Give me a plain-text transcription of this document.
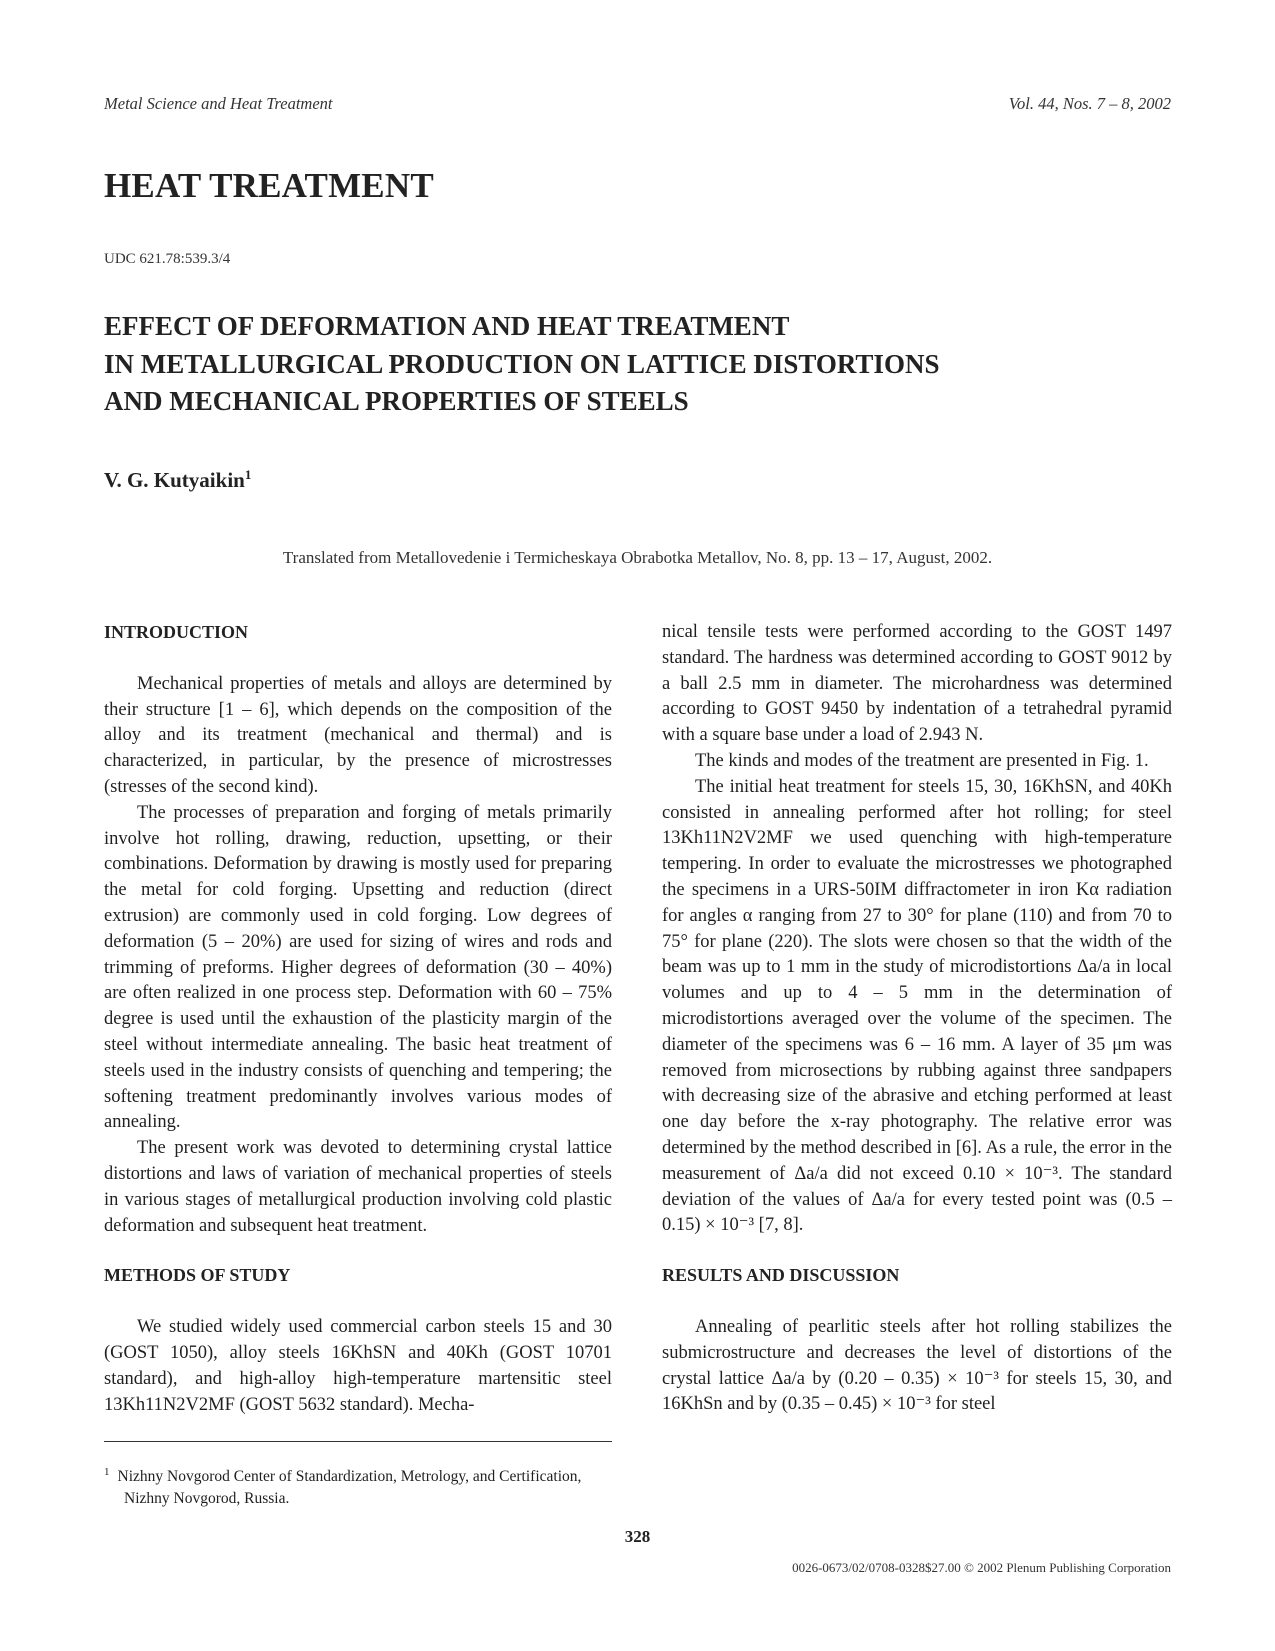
Metal Science and Heat Treatment	Vol. 44, Nos. 7 – 8, 2002
HEAT TREATMENT
UDC 621.78:539.3/4
EFFECT OF DEFORMATION AND HEAT TREATMENT
IN METALLURGICAL PRODUCTION ON LATTICE DISTORTIONS
AND MECHANICAL PROPERTIES OF STEELS
V. G. Kutyaikin$^1$
Translated from Metallovedenie i Termicheskaya Obrabotka Metallov, No. 8, pp. 13 – 17, August, 2002.
INTRODUCTION

Mechanical properties of metals and alloys are determined by their structure [1 – 6], which depends on the composition of the alloy and its treatment (mechanical and thermal) and is characterized, in particular, by the presence of microstresses (stresses of the second kind).

The processes of preparation and forging of metals primarily involve hot rolling, drawing, reduction, upsetting, or their combinations. Deformation by drawing is mostly used for preparing the metal for cold forging. Upsetting and reduction (direct extrusion) are commonly used in cold forging. Low degrees of deformation (5 – 20%) are used for sizing of wires and rods and trimming of preforms. Higher degrees of deformation (30 – 40%) are often realized in one process step. Deformation with 60 – 75% degree is used until the exhaustion of the plasticity margin of the steel without intermediate annealing. The basic heat treatment of steels used in the industry consists of quenching and tempering; the softening treatment predominantly involves various modes of annealing.

The present work was devoted to determining crystal lattice distortions and laws of variation of mechanical properties of steels in various stages of metallurgical production involving cold plastic deformation and subsequent heat treatment.

METHODS OF STUDY

We studied widely used commercial carbon steels 15 and 30 (GOST 1050), alloy steels 16KhSN and 40Kh (GOST 10701 standard), and high-alloy high-temperature martensitic steel 13Kh11N2V2MF (GOST 5632 standard). Mecha-

nical tensile tests were performed according to the GOST 1497 standard. The hardness was determined according to GOST 9012 by a ball 2.5 mm in diameter. The microhardness was determined according to GOST 9450 by indentation of a tetrahedral pyramid with a square base under a load of 2.943 N.

The kinds and modes of the treatment are presented in Fig. 1.

The initial heat treatment for steels 15, 30, 16KhSN, and 40Kh consisted in annealing performed after hot rolling; for steel 13Kh11N2V2MF we used quenching with high-temperature tempering. In order to evaluate the microstresses we photographed the specimens in a URS-50IM diffractometer in iron Kα radiation for angles α ranging from 27 to 30° for plane (110) and from 70 to 75° for plane (220). The slots were chosen so that the width of the beam was up to 1 mm in the study of microdistortions Δa/a in local volumes and up to 4 – 5 mm in the determination of microdistortions averaged over the volume of the specimen. The diameter of the specimens was 6 – 16 mm. A layer of 35 μm was removed from microsections by rubbing against three sandpapers with decreasing size of the abrasive and etching performed at least one day before the x-ray photography. The relative error was determined by the method described in [6]. As a rule, the error in the measurement of Δa/a did not exceed 0.10 × 10⁻³. The standard deviation of the values of Δa/a for every tested point was (0.5 – 0.15) × 10⁻³ [7, 8].

RESULTS AND DISCUSSION

Annealing of pearlitic steels after hot rolling stabilizes the submicrostructure and decreases the level of distortions of the crystal lattice Δa/a by (0.20 – 0.35) × 10⁻³ for steels 15, 30, and 16KhSn and by (0.35 – 0.45) × 10⁻³ for steel

$^1$ Nizhny Novgorod Center of Standardization, Metrology, and Certification, Nizhny Novgorod, Russia.
328
0026-0673/02/0708-0328$27.00 © 2002 Plenum Publishing Corporation
